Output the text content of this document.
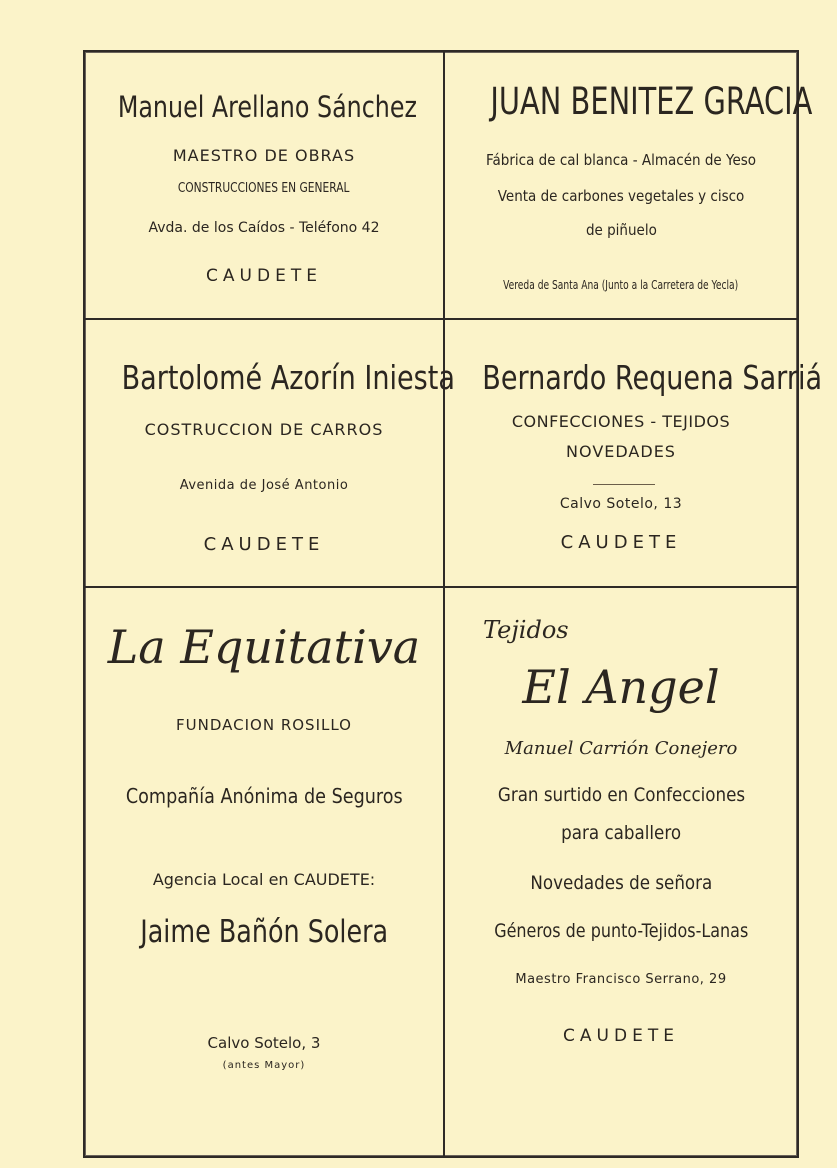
Manuel Arellano Sánchez
MAESTRO DE OBRAS
CONSTRUCCIONES EN GENERAL
Avda. de los Caídos - Teléfono 42
CAUDETE
JUAN BENITEZ GRACIA
Fábrica de cal blanca - Almacén de Yeso
Venta de carbones vegetales y cisco
de piñuelo
Vereda de Santa Ana (Junto a la Carretera de Yecla)
Bartolomé Azorín Iniesta
COSTRUCCION DE CARROS
Avenida de José Antonio
CAUDETE
Bernardo Requena Sarriá
CONFECCIONES - TEJIDOS
NOVEDADES
Calvo Sotelo, 13
CAUDETE
La Equitativa
FUNDACION ROSILLO
Compañía Anónima de Seguros
Agencia Local en CAUDETE:
Jaime Bañón Solera
Calvo Sotelo, 3
(antes Mayor)
Tejidos
El Angel
Manuel Carrión Conejero
Gran surtido en Confecciones
para caballero
Novedades de señora
Géneros de punto-Tejidos-Lanas
Maestro Francisco Serrano, 29
CAUDETE
